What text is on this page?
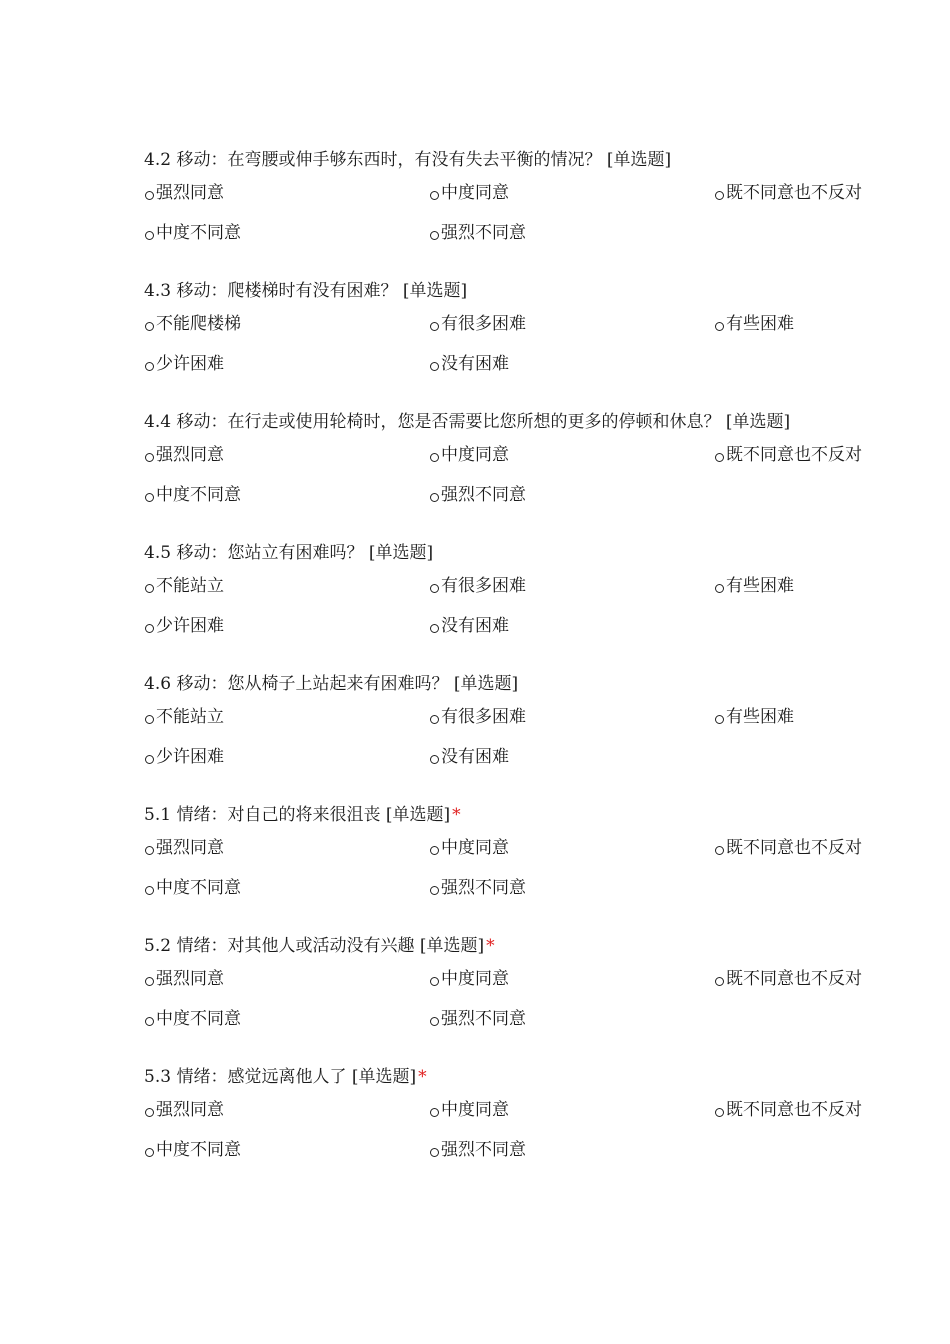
4.2 移动：在弯腰或伸手够东西时，有没有失去平衡的情况？ [单选题]
强烈同意	中度同意	既不同意也不反对
中度不同意	强烈不同意
4.3 移动：爬楼梯时有没有困难？ [单选题]
不能爬楼梯	有很多困难	有些困难
少许困难	没有困难
4.4 移动：在行走或使用轮椅时，您是否需要比您所想的更多的停顿和休息？ [单选题]
强烈同意	中度同意	既不同意也不反对
中度不同意	强烈不同意
4.5 移动：您站立有困难吗？ [单选题]
不能站立	有很多困难	有些困难
少许困难	没有困难
4.6 移动：您从椅子上站起来有困难吗？ [单选题]
不能站立	有很多困难	有些困难
少许困难	没有困难
5.1 情绪：对自己的将来很沮丧 [单选题] *
强烈同意	中度同意	既不同意也不反对
中度不同意	强烈不同意
5.2 情绪：对其他人或活动没有兴趣 [单选题] *
强烈同意	中度同意	既不同意也不反对
中度不同意	强烈不同意
5.3 情绪：感觉远离他人了 [单选题] *
强烈同意	中度同意	既不同意也不反对
中度不同意	强烈不同意
